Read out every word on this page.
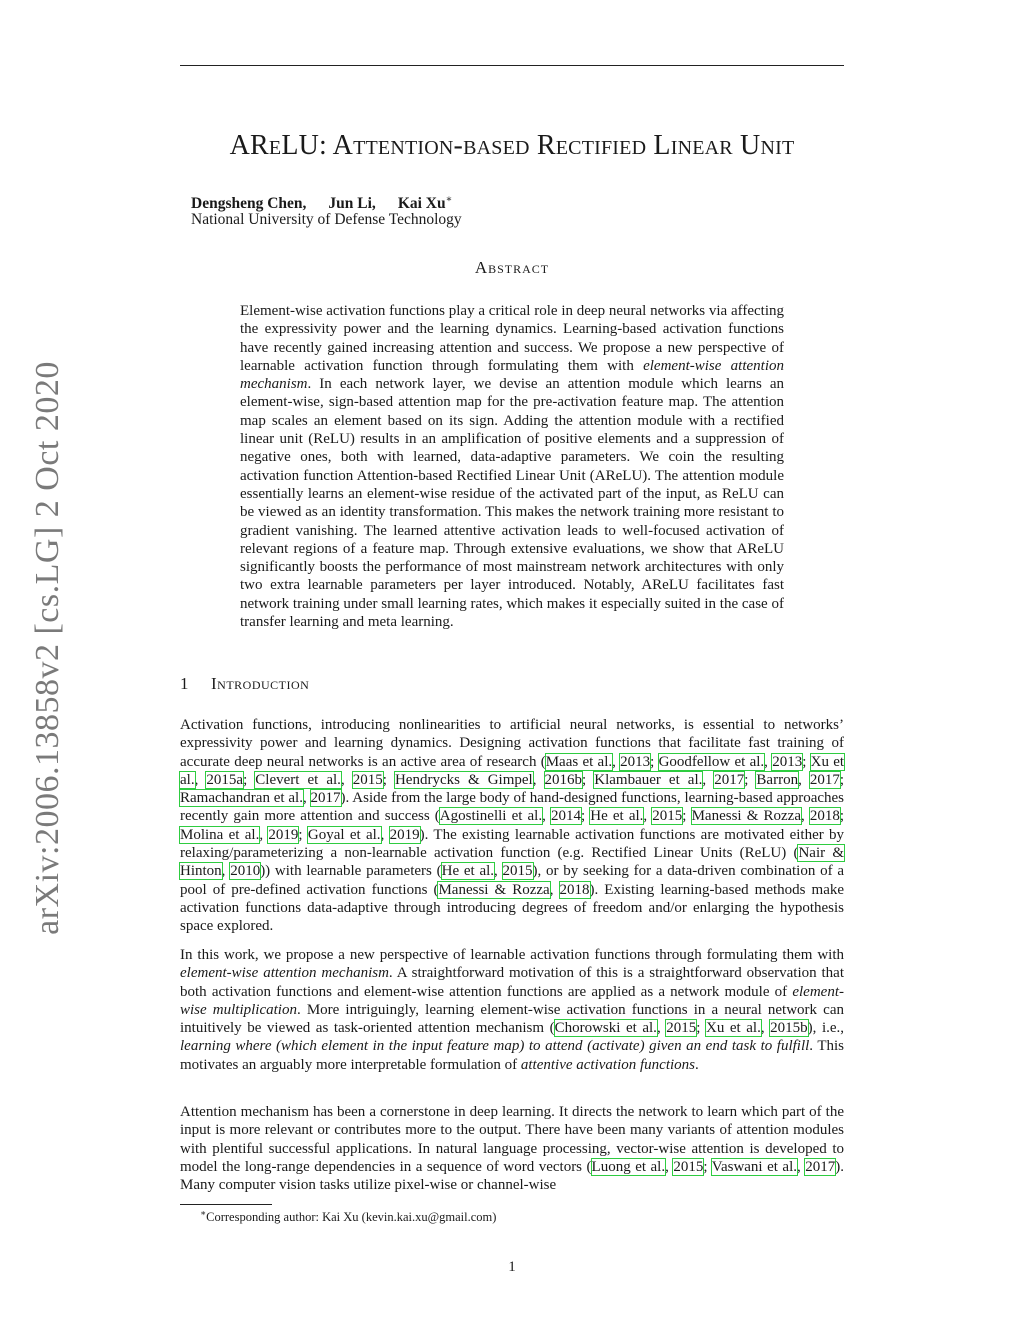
arXiv:2006.13858v2 [cs.LG] 2 Oct 2020
AReLU: Attention-based Rectified Linear Unit
Dengsheng Chen, Jun Li, Kai Xu∗
National University of Defense Technology
Abstract
Element-wise activation functions play a critical role in deep neural networks via affecting the expressivity power and the learning dynamics. Learning-based activation functions have recently gained increasing attention and success. We propose a new perspective of learnable activation function through formulating them with element-wise attention mechanism. In each network layer, we devise an attention module which learns an element-wise, sign-based attention map for the pre-activation feature map. The attention map scales an element based on its sign. Adding the attention module with a rectified linear unit (ReLU) results in an amplification of positive elements and a suppression of negative ones, both with learned, data-adaptive parameters. We coin the resulting activation function Attention-based Rectified Linear Unit (AReLU). The attention module essentially learns an element-wise residue of the activated part of the input, as ReLU can be viewed as an identity transformation. This makes the network training more resistant to gradient vanishing. The learned attentive activation leads to well-focused activation of relevant regions of a feature map. Through extensive evaluations, we show that AReLU significantly boosts the performance of most mainstream network architectures with only two extra learnable parameters per layer introduced. Notably, AReLU facilitates fast network training under small learning rates, which makes it especially suited in the case of transfer learning and meta learning.
1 Introduction
Activation functions, introducing nonlinearities to artificial neural networks, is essential to networks’ expressivity power and learning dynamics. Designing activation functions that facilitate fast training of accurate deep neural networks is an active area of research (Maas et al., 2013; Goodfellow et al., 2013; Xu et al., 2015a; Clevert et al., 2015; Hendrycks & Gimpel, 2016b; Klambauer et al., 2017; Barron, 2017; Ramachandran et al., 2017). Aside from the large body of hand-designed functions, learning-based approaches recently gain more attention and success (Agostinelli et al., 2014; He et al., 2015; Manessi & Rozza, 2018; Molina et al., 2019; Goyal et al., 2019). The existing learnable activation functions are motivated either by relaxing/parameterizing a non-learnable activation function (e.g. Rectified Linear Units (ReLU) (Nair & Hinton, 2010)) with learnable parameters (He et al., 2015), or by seeking for a data-driven combination of a pool of pre-defined activation functions (Manessi & Rozza, 2018). Existing learning-based methods make activation functions data-adaptive through introducing degrees of freedom and/or enlarging the hypothesis space explored.
In this work, we propose a new perspective of learnable activation functions through formulating them with element-wise attention mechanism. A straightforward motivation of this is a straightforward observation that both activation functions and element-wise attention functions are applied as a network module of element-wise multiplication. More intriguingly, learning element-wise activation functions in a neural network can intuitively be viewed as task-oriented attention mechanism (Chorowski et al., 2015; Xu et al., 2015b), i.e., learning where (which element in the input feature map) to attend (activate) given an end task to fulfill. This motivates an arguably more interpretable formulation of attentive activation functions.
Attention mechanism has been a cornerstone in deep learning. It directs the network to learn which part of the input is more relevant or contributes more to the output. There have been many variants of attention modules with plentiful successful applications. In natural language processing, vector-wise attention is developed to model the long-range dependencies in a sequence of word vectors (Luong et al., 2015; Vaswani et al., 2017). Many computer vision tasks utilize pixel-wise or channel-wise
∗Corresponding author: Kai Xu (kevin.kai.xu@gmail.com)
1
